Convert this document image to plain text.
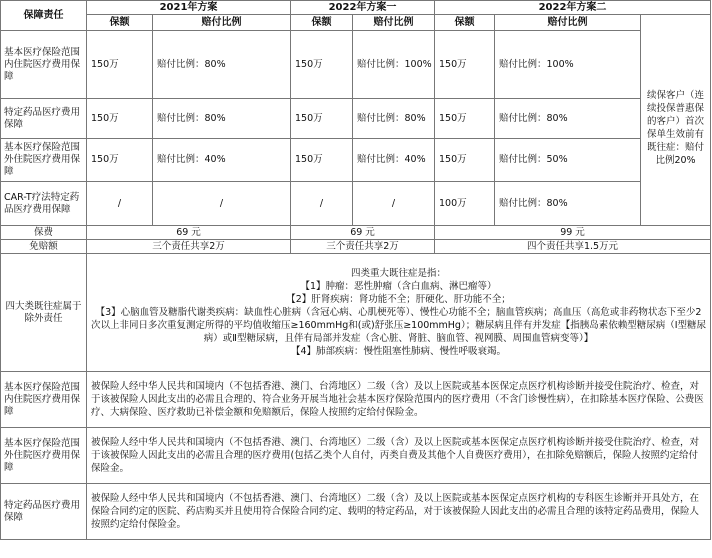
保障责任	2021年方案		2022年方案一		2022年方案二		
	保额	赔付比例	保额	赔付比例	保额	赔付比例	
基本医疗保险范围内住院医疗费用保障	150万	赔付比例：80%	150万	赔付比例：100%	150万	赔付比例：100%	续保客户（连续投保普惠保的客户）首次保单生效前有既往症：赔付比例20%
特定药品医疗费用保障	150万	赔付比例：80%	150万	赔付比例：80%	150万	赔付比例：80%	
基本医疗保险范围外住院医疗费用保障	150万	赔付比例：40%	150万	赔付比例：40%	150万	赔付比例：50%	
CAR-T疗法特定药品医疗费用保障	/	/	/	/	100万	赔付比例：80%	
保费	69 元		69 元		99 元		
免赔额	三个责任共享2万		三个责任共享2万		四个责任共享1.5万元		
四大类既往症属于除外责任	四类重大既往症是指：
【1】肿瘤：恶性肿瘤（含白血病、淋巴瘤等）
【2】肝肾疾病：肾功能不全；肝硬化、肝功能不全；
【3】心脑血管及糖脂代谢类疾病：缺血性心脏病（含冠心病、心肌梗死等）、慢性心功能不全；脑血管疾病；高血压（高危或非药物状态下至少2次以上非同日多次重复测定所得的平均值收缩压≥160mmHg和(或)舒张压≥100mmHg）；糖尿病且伴有并发症【指胰岛素依赖型糖尿病（Ⅰ型糖尿病）或Ⅱ型糖尿病，且伴有局部并发症（含心脏、肾脏、脑血管、视网膜、周围血管病变等）】
【4】肺部疾病：慢性阻塞性肺病、慢性呼吸衰竭。						

基本医疗保险范围内住院医疗费用保障	被保险人经中华人民共和国境内（不包括香港、澳门、台湾地区）二级（含）及以上医院或基本医保定点医疗机构诊断并接受住院治疗、检查，对于该被保险人因此支出的必需且合理的、符合业务开展当地社会基本医疗保险范围内的医疗费用（不含门诊慢性病），在扣除基本医疗保险、公费医疗、大病保险、医疗救助已补偿金额和免赔额后，保险人按照约定给付保险金。						
基本医疗保险范围外住院医疗费用保障	被保险人经中华人民共和国境内（不包括香港、澳门、台湾地区）二级（含）及以上医院或基本医保定点医疗机构诊断并接受住院治疗、检查，对于该被保险人因此支出的必需且合理的医疗费用(包括乙类个人自付，丙类自费及其他个人自费医疗费用），在扣除免赔额后，保险人按照约定给付保险金。						
特定药品医疗费用保障	被保险人经中华人民共和国境内（不包括香港、澳门、台湾地区）二级（含）及以上医院或基本医保定点医疗机构的专科医生诊断并开具处方，在保险合同约定的医院、药店购买并且使用符合保险合同约定、载明的特定药品，对于该被保险人因此支出的必需且合理的该特定药品费用，保险人按照约定给付保险金。						
